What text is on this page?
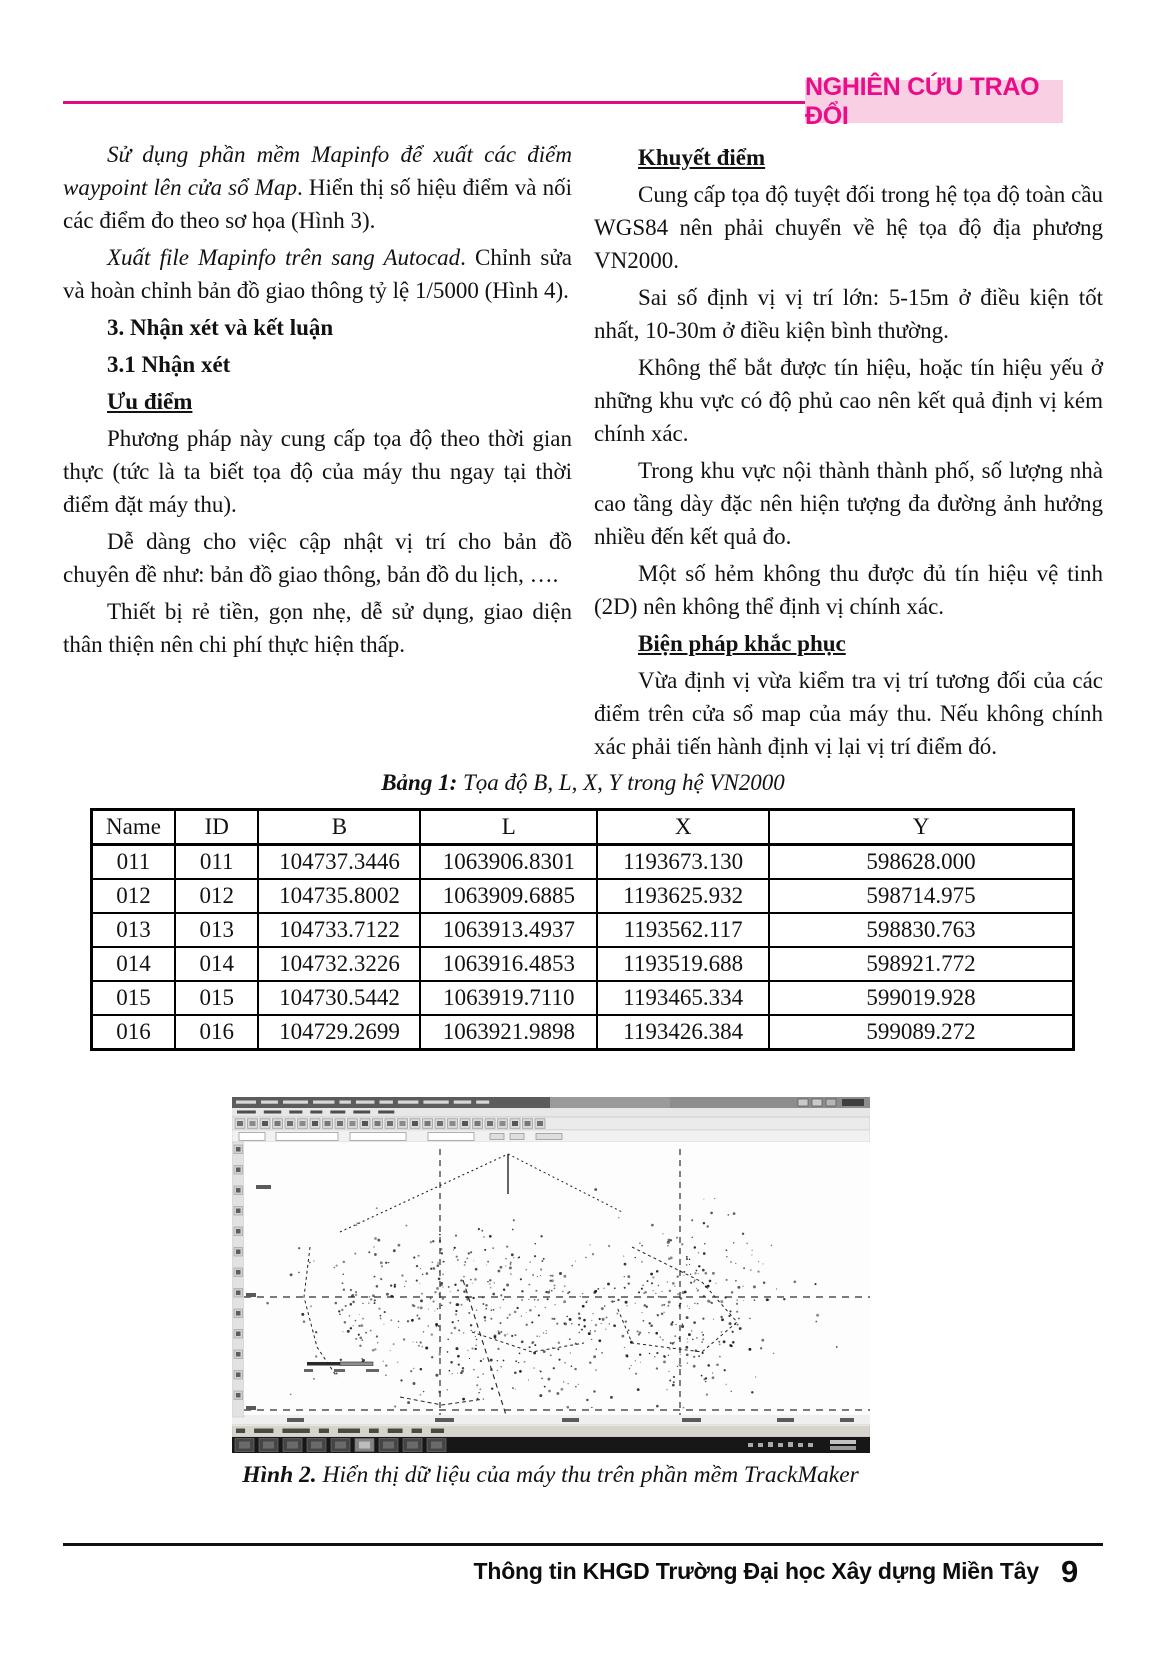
NGHIÊN CỨU TRAO ĐỔI

Sử dụng phần mềm Mapinfo để xuất các điểm waypoint lên cửa sổ Map. Hiển thị số hiệu điểm và nối các điểm đo theo sơ họa (Hình 3).

Xuất file Mapinfo trên sang Autocad. Chỉnh sửa và hoàn chỉnh bản đồ giao thông tỷ lệ 1/5000 (Hình 4).

3. Nhận xét và kết luận

3.1 Nhận xét

Ưu điểm

Phương pháp này cung cấp tọa độ theo thời gian thực (tức là ta biết tọa độ của máy thu ngay tại thời điểm đặt máy thu).

Dễ dàng cho việc cập nhật vị trí cho bản đồ chuyên đề như: bản đồ giao thông, bản đồ du lịch, ….

Thiết bị rẻ tiền, gọn nhẹ, dễ sử dụng, giao diện thân thiện nên chi phí thực hiện thấp.

Khuyết điểm

Cung cấp tọa độ tuyệt đối trong hệ tọa độ toàn cầu WGS84 nên phải chuyển về hệ tọa độ địa phương VN2000.

Sai số định vị vị trí lớn: 5-15m ở điều kiện tốt nhất, 10-30m ở điều kiện bình thường.

Không thể bắt được tín hiệu, hoặc tín hiệu yếu ở những khu vực có độ phủ cao nên kết quả định vị kém chính xác.

Trong khu vực nội thành thành phố, số lượng nhà cao tầng dày đặc nên hiện tượng đa đường ảnh hưởng nhiều đến kết quả đo.

Một số hẻm không thu được đủ tín hiệu vệ tinh (2D) nên không thể định vị chính xác.

Biện pháp khắc phục

Vừa định vị vừa kiểm tra vị trí tương đối của các điểm trên cửa sổ map của máy thu. Nếu không chính xác phải tiến hành định vị lại vị trí điểm đó.

Bảng 1: Tọa độ B, L, X, Y trong hệ VN2000
Name	ID	B	L	X	Y
011	011	104737.3446	1063906.8301	1193673.130	598628.000
012	012	104735.8002	1063909.6885	1193625.932	598714.975
013	013	104733.7122	1063913.4937	1193562.117	598830.763
014	014	104732.3226	1063916.4853	1193519.688	598921.772
015	015	104730.5442	1063919.7110	1193465.334	599019.928
016	016	104729.2699	1063921.9898	1193426.384	599089.272
Hình 2. Hiển thị dữ liệu của máy thu trên phần mềm TrackMaker
Thông tin KHGD Trường Đại học Xây dựng Miền Tây 9
